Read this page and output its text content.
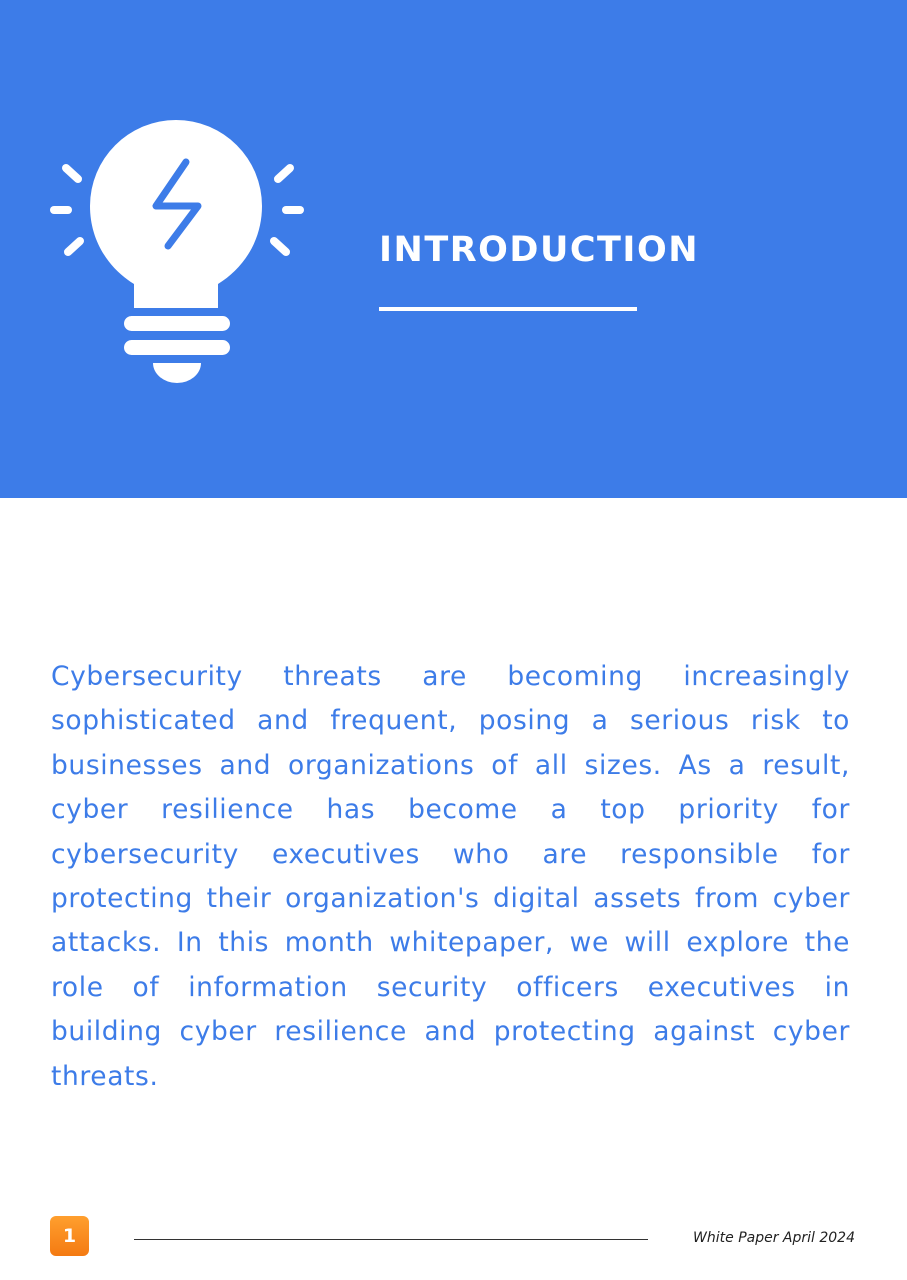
INTRODUCTION

Cybersecurity threats are becoming increasingly sophisticated and frequent, posing a serious risk to businesses and organizations of all sizes. As a result, cyber resilience has become a top priority for cybersecurity executives who are responsible for protecting their organization's digital assets from cyber attacks. In this month whitepaper, we will explore the role of information security officers executives in building cyber resilience and protecting against cyber threats.

1	White Paper April 2024
